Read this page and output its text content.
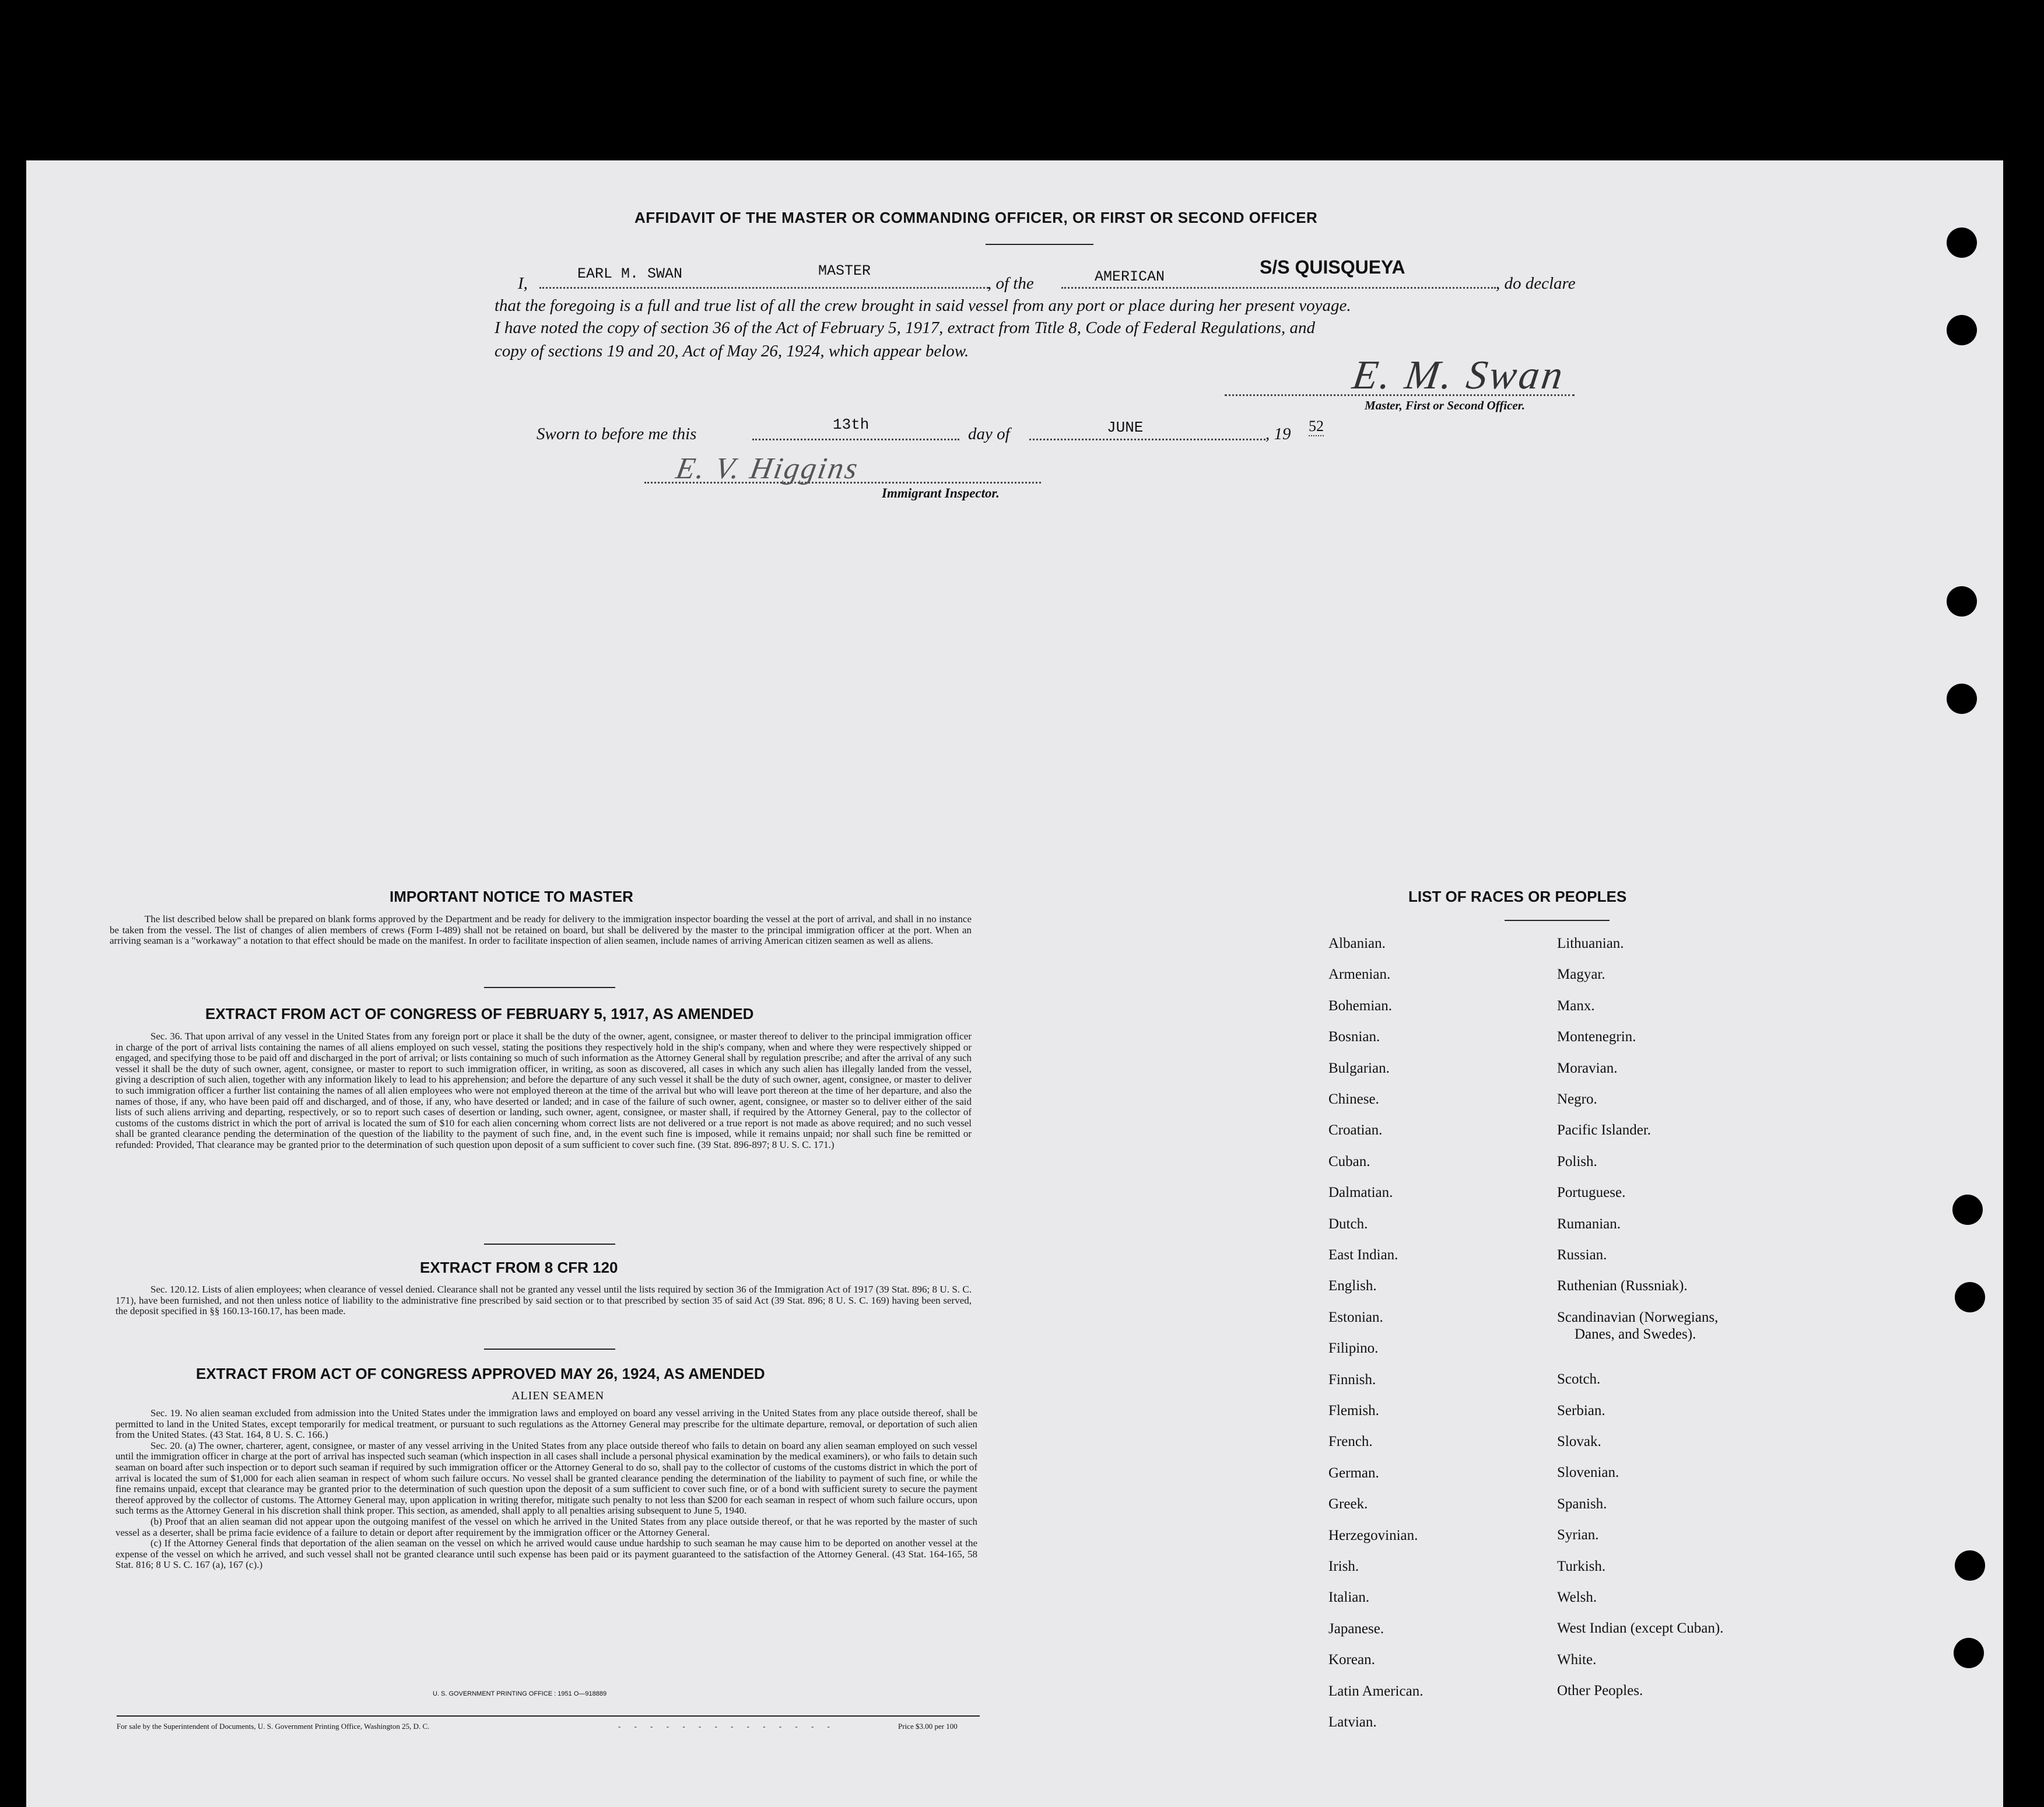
AFFIDAVIT OF THE MASTER OR COMMANDING OFFICER, OR FIRST OR SECOND OFFICER
I,
EARL M. SWAN	MASTER
, of the	AMERICAN	S/S QUISQUEYA
, do declare
that the foregoing is a full and true list of all the crew brought in said vessel from any port or place during her present voyage.
I have noted the copy of section 36 of the Act of February 5, 1917, extract from Title 8, Code of Federal Regulations, and
copy of sections 19 and 20, Act of May 26, 1924, which appear below.
E. M. Swan
Master, First or Second Officer.
Sworn to before me this	13th	day of	JUNE	, 19 52
E. V. Higgins
Immigrant Inspector.
IMPORTANT NOTICE TO MASTER

The list described below shall be prepared on blank forms approved by the Department and be ready for delivery to the immigration inspector boarding the vessel at the port of arrival, and shall in no instance be taken from the vessel. The list of changes of alien members of crews (Form I-489) shall not be retained on board, but shall be delivered by the master to the principal immigration officer at the port. When an arriving seaman is a "workaway" a notation to that effect should be made on the manifest. In order to facilitate inspection of alien seamen, include names of arriving American citizen seamen as well as aliens.

EXTRACT FROM ACT OF CONGRESS OF FEBRUARY 5, 1917, AS AMENDED

Sec. 36. That upon arrival of any vessel in the United States from any foreign port or place it shall be the duty of the owner, agent, consignee, or master thereof to deliver to the principal immigration officer in charge of the port of arrival lists containing the names of all aliens employed on such vessel, stating the positions they respectively hold in the ship's company, when and where they were respectively shipped or engaged, and specifying those to be paid off and discharged in the port of arrival; or lists containing so much of such information as the Attorney General shall by regulation prescribe; and after the arrival of any such vessel it shall be the duty of such owner, agent, consignee, or master to report to such immigration officer, in writing, as soon as discovered, all cases in which any such alien has illegally landed from the vessel, giving a description of such alien, together with any information likely to lead to his apprehension; and before the departure of any such vessel it shall be the duty of such owner, agent, consignee, or master to deliver to such immigration officer a further list containing the names of all alien employees who were not employed thereon at the time of the arrival but who will leave port thereon at the time of her departure, and also the names of those, if any, who have been paid off and discharged, and of those, if any, who have deserted or landed; and in case of the failure of such owner, agent, consignee, or master so to deliver either of the said lists of such aliens arriving and departing, respectively, or so to report such cases of desertion or landing, such owner, agent, consignee, or master shall, if required by the Attorney General, pay to the collector of customs of the customs district in which the port of arrival is located the sum of $10 for each alien concerning whom correct lists are not delivered or a true report is not made as above required; and no such vessel shall be granted clearance pending the determination of the question of the liability to the payment of such fine, and, in the event such fine is imposed, while it remains unpaid; nor shall such fine be remitted or refunded: Provided, That clearance may be granted prior to the determination of such question upon deposit of a sum sufficient to cover such fine. (39 Stat. 896-897; 8 U. S. C. 171.)

EXTRACT FROM 8 CFR 120

Sec. 120.12. Lists of alien employees; when clearance of vessel denied. Clearance shall not be granted any vessel until the lists required by section 36 of the Immigration Act of 1917 (39 Stat. 896; 8 U. S. C. 171), have been furnished, and not then unless notice of liability to the administrative fine prescribed by said section or to that prescribed by section 35 of said Act (39 Stat. 896; 8 U. S. C. 169) having been served, the deposit specified in §§ 160.13-160.17, has been made.

EXTRACT FROM ACT OF CONGRESS APPROVED MAY 26, 1924, AS AMENDED
ALIEN SEAMEN

Sec. 19. No alien seaman excluded from admission into the United States under the immigration laws and employed on board any vessel arriving in the United States from any place outside thereof, shall be permitted to land in the United States, except temporarily for medical treatment, or pursuant to such regulations as the Attorney General may prescribe for the ultimate departure, removal, or deportation of such alien from the United States. (43 Stat. 164, 8 U. S. C. 166.)

Sec. 20. (a) The owner, charterer, agent, consignee, or master of any vessel arriving in the United States from any place outside thereof who fails to detain on board any alien seaman employed on such vessel until the immigration officer in charge at the port of arrival has inspected such seaman (which inspection in all cases shall include a personal physical examination by the medical examiners), or who fails to detain such seaman on board after such inspection or to deport such seaman if required by such immigration officer or the Attorney General to do so, shall pay to the collector of customs of the customs district in which the port of arrival is located the sum of $1,000 for each alien seaman in respect of whom such failure occurs. No vessel shall be granted clearance pending the determination of the liability to payment of such fine, or while the fine remains unpaid, except that clearance may be granted prior to the determination of such question upon the deposit of a sum sufficient to cover such fine, or of a bond with sufficient surety to secure the payment thereof approved by the collector of customs. The Attorney General may, upon application in writing therefor, mitigate such penalty to not less than $200 for each seaman in respect of whom such failure occurs, upon such terms as the Attorney General in his discretion shall think proper. This section, as amended, shall apply to all penalties arising subsequent to June 5, 1940.

(b) Proof that an alien seaman did not appear upon the outgoing manifest of the vessel on which he arrived in the United States from any place outside thereof, or that he was reported by the master of such vessel as a deserter, shall be prima facie evidence of a failure to detain or deport after requirement by the immigration officer or the Attorney General.

(c) If the Attorney General finds that deportation of the alien seaman on the vessel on which he arrived would cause undue hardship to such seaman he may cause him to be deported on another vessel at the expense of the vessel on which he arrived, and such vessel shall not be granted clearance until such expense has been paid or its payment guaranteed to the satisfaction of the Attorney General. (43 Stat. 164-165, 58 Stat. 816; 8 U S. C. 167 (a), 167 (c).)

U. S. GOVERNMENT PRINTING OFFICE : 1951 O—918889
For sale by the Superintendent of Documents, U. S. Government Printing Office, Washington 25, D. C.	- - - - - - - - - - - - - -	Price $3.00 per 100
LIST OF RACES OR PEOPLES
Albanian.
Armenian.
Bohemian.
Bosnian.
Bulgarian.
Chinese.
Croatian.
Cuban.
Dalmatian.
Dutch.
East Indian.
English.
Estonian.
Filipino.
Finnish.
Flemish.
French.
German.
Greek.
Herzegovinian.
Irish.
Italian.
Japanese.
Korean.
Latin American.
Latvian.
Lithuanian.
Magyar.
Manx.
Montenegrin.
Moravian.
Negro.
Pacific Islander.
Polish.
Portuguese.
Rumanian.
Russian.
Ruthenian (Russniak).
Scandinavian (Norwegians,
Danes, and Swedes).
Scotch.
Serbian.
Slovak.
Slovenian.
Spanish.
Syrian.
Turkish.
Welsh.
West Indian (except Cuban).
White.
Other Peoples.
